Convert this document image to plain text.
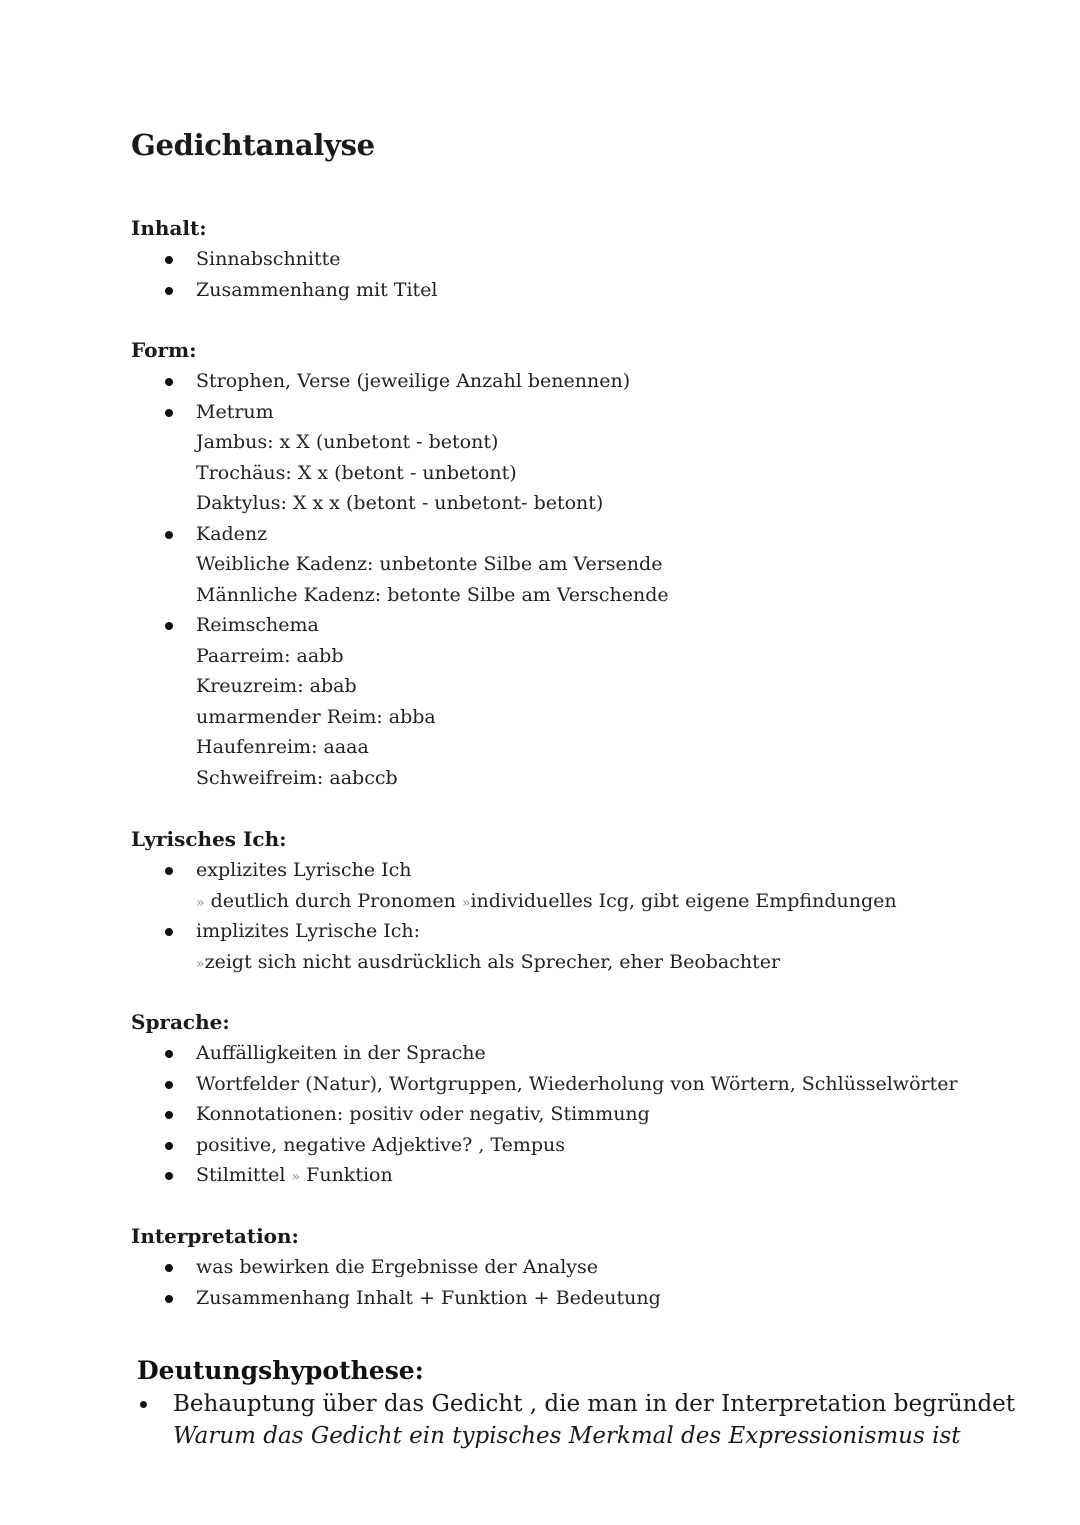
Gedichtanalyse
Inhalt:
Sinnabschnitte
Zusammenhang mit Titel
Form:
Strophen, Verse (jeweilige Anzahl benennen)
Metrum
Jambus: x X (unbetont - betont)
Trochäus: X x (betont - unbetont)
Daktylus: X x x (betont - unbetont- betont)
Kadenz
Weibliche Kadenz: unbetonte Silbe am Versende
Männliche Kadenz: betonte Silbe am Verschende
Reimschema
Paarreim: aabb
Kreuzreim: abab
umarmender Reim: abba
Haufenreim: aaaa
Schweifreim: aabccb
Lyrisches Ich:
explizites Lyrische Ich
» deutlich durch Pronomen »individuelles Icg, gibt eigene Empfindungen
implizites Lyrische Ich:
»zeigt sich nicht ausdrücklich als Sprecher, eher Beobachter
Sprache:
Auffälligkeiten in der Sprache
Wortfelder (Natur), Wortgruppen, Wiederholung von Wörtern, Schlüsselwörter
Konnotationen: positiv oder negativ, Stimmung
positive, negative Adjektive? , Tempus
Stilmittel » Funktion
Interpretation:
was bewirken die Ergebnisse der Analyse
Zusammenhang Inhalt + Funktion + Bedeutung
Deutungshypothese:
Behauptung über das Gedicht , die man in der Interpretation begründet
Warum das Gedicht ein typisches Merkmal des Expressionismus ist
